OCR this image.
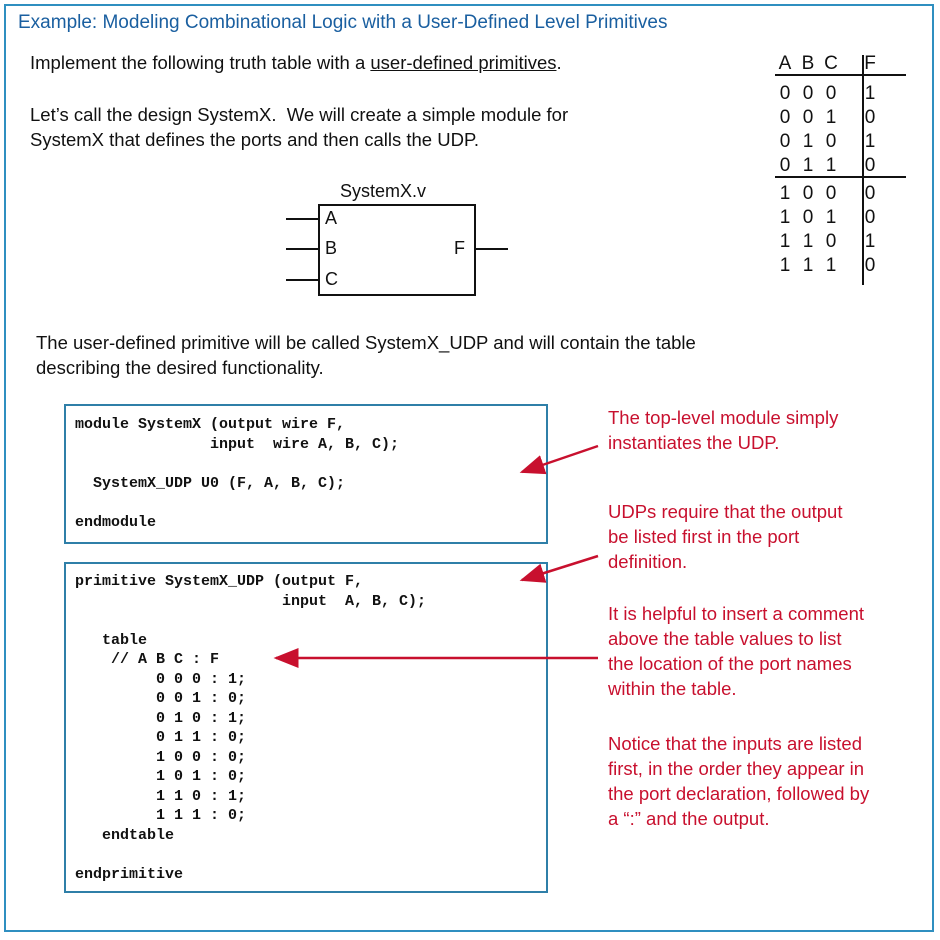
Example: Modeling Combinational Logic with a User-Defined Level Primitives
Implement the following truth table with a user-defined primitives.
Let’s call the design SystemX.  We will create a simple module for
SystemX that defines the ports and then calls the UDP.
The user-defined primitive will be called SystemX_UDP and will contain the table
describing the desired functionality.
SystemX.v
A
B
C
F
A B C F
0 0 0 1
0 0 1 0
0 1 0 1
0 1 1 0
1 0 0 0
1 0 1 0
1 1 0 1
1 1 1 0
module SystemX (output wire F,
input  wire A, B, C);

SystemX_UDP U0 (F, A, B, C);

endmodule
primitive SystemX_UDP (output F,
input  A, B, C);

table
// A B C : F
0 0 0 : 1;
0 0 1 : 0;
0 1 0 : 1;
0 1 1 : 0;
1 0 0 : 0;
1 0 1 : 0;
1 1 0 : 1;
1 1 1 : 0;
endtable

endprimitive
The top-level module simply
instantiates the UDP.
UDPs require that the output
be listed first in the port
definition.
It is helpful to insert a comment
above the table values to list
the location of the port names
within the table.
Notice that the inputs are listed
first, in the order they appear in
the port declaration, followed by
a “:” and the output.
